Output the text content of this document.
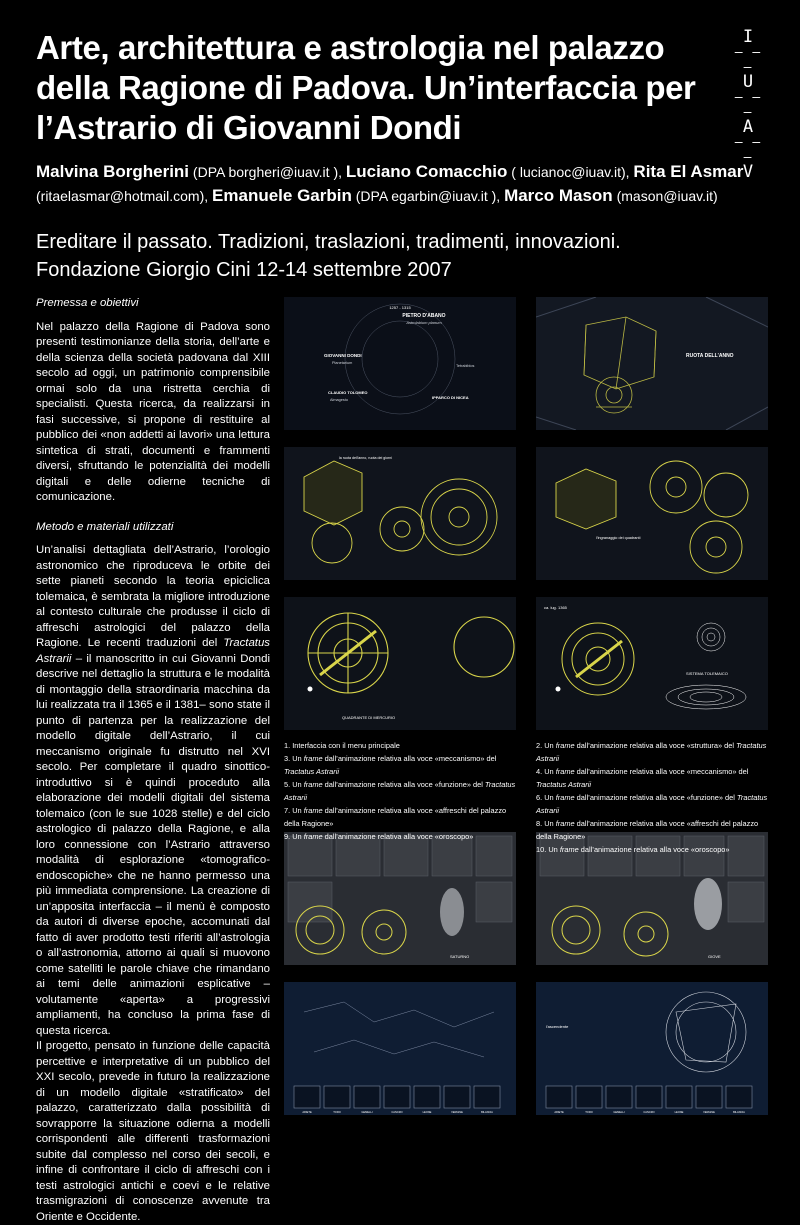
Arte, architettura e astrologia nel palazzo
della Ragione di Padova. Un’interfaccia per
l’Astrario di Giovanni Dondi
I
‒ ‒ ‒
U
‒ ‒ ‒
A
‒ ‒ ‒
V
Malvina Borgherini (DPA borgheri@iuav.it ), Luciano Comacchio ( lucianoc@iuav.it), Rita El Asmar
(ritaelasmar@hotmail.com), Emanuele Garbin (DPA egarbin@iuav.it ), Marco Mason (mason@iuav.it)
Ereditare il passato. Tradizioni, traslazioni, tradimenti, innovazioni.
Fondazione Giorgio Cini 12-14 settembre 2007
Premessa e obiettivi

Nel palazzo della Ragione di Padova sono presenti testimonianze della storia, dell’arte e della scienza della società padovana dal XIII secolo ad oggi, un patrimonio comprensibile ormai solo da una ristretta cerchia di specialisti. Questa ricerca, da realizzarsi in fasi successive, si propone di restituire al pubblico dei «non addetti ai lavori» una lettura sintetica di strati, documenti e frammenti diversi, sfruttando le potenzialità dei modelli digitali e delle odierne tecniche di comunicazione.

Metodo e materiali utilizzati

Un’analisi dettagliata dell’Astrario, l’orologio astronomico che riproduceva le orbite dei sette pianeti secondo la teoria epiciclica tolemaica, è sembrata la migliore introduzione al contesto culturale che produsse il ciclo di affreschi astrologici del palazzo della Ragione. Le recenti traduzioni del Tractatus Astrarii – il manoscritto in cui Giovanni Dondi descrive nel dettaglio la struttura e le modalità di montaggio della straordinaria macchina da lui realizzata tra il 1365 e il 1381– sono state il punto di partenza per la realizzazione del modello digitale dell’Astrario, il cui meccanismo originale fu distrutto nel XVI secolo. Per completare il quadro sinottico-introduttivo si è quindi proceduto alla elaborazione dei modelli digitali del sistema tolemaico (con le sue 1028 stelle) e del ciclo astrologico di palazzo della Ragione, e alla loro connessione con l’Astrario attraverso modalità di esplorazione «tomografico-endoscopiche» che ne hanno permesso una più immediata comprensione. La creazione di un’apposita interfaccia – il menù è composto da autori di diverse epoche, accomunati dal fatto di aver prodotto testi riferiti all’astrologia o all’astronomia, attorno ai quali si muovono come satelliti le parole chiave che rimandano ai temi delle animazioni esplicative – volutamente «aperta» a progressivi ampliamenti, ha concluso la prima fase di questa ricerca.

Il progetto, pensato in funzione delle capacità percettive e interpretative di un pubblico del XXI secolo, prevede in futuro la realizzazione di un modello digitale «stratificato» del palazzo, caratterizzato dalla possibilità di sovrapporre la situazione odierna a modelli corrispondenti alle differenti trasformazioni subite dal complesso nel corso dei secoli, e infine di confrontare il ciclo di affreschi con i testi astrologici antichi e coevi e le relative trasmigrazioni di conoscenze avvenute tra Oriente e Occidente.

1257 - 1315
PIETRO D'ABANO
Astrolabium planum
GIOVANNI DONDI
Planetarium
Almagesto
CLAUDIO TOLOMEO
IPPARCO DI NICEA
Tetrabiblos
RUOTA DELL'ANNO
la ruota dell'anno, ruota dei giorni
l'ingranaggio dei quadranti
QUADRANTE DI MERCURIO
ca. lug. 1365
SISTEMA TOLEMAICO
SATURNO	GIOVE
ARIETE	TORO	GEMELLI	CANCRO	LEONE	VERGINE	BILANCIA
l'ascendente
ARIETE	TORO	GEMELLI	CANCRO	LEONE	VERGINE	BILANCIA
1. Interfaccia con il menu principale
3. Un frame dall’animazione relativa alla voce «meccanismo» del Tractatus Astrarii
5. Un frame dall’animazione relativa alla voce «funzione» del Tractatus Astrarii
7. Un frame dall’animazione relativa alla voce «affreschi del palazzo della Ragione»
9. Un frame dall’animazione relativa alla voce «oroscopo»
2. Un frame dall’animazione relativa alla voce «struttura» del Tractatus Astrarii
4. Un frame dall’animazione relativa alla voce «meccanismo» del Tractatus Astrarii
6. Un frame dall’animazione relativa alla voce «funzione» del Tractatus Astrarii
8. Un frame dall’animazione relativa alla voce «affreschi del palazzo della Ragione»
10. Un frame dall’animazione relativa alla voce «oroscopo»
